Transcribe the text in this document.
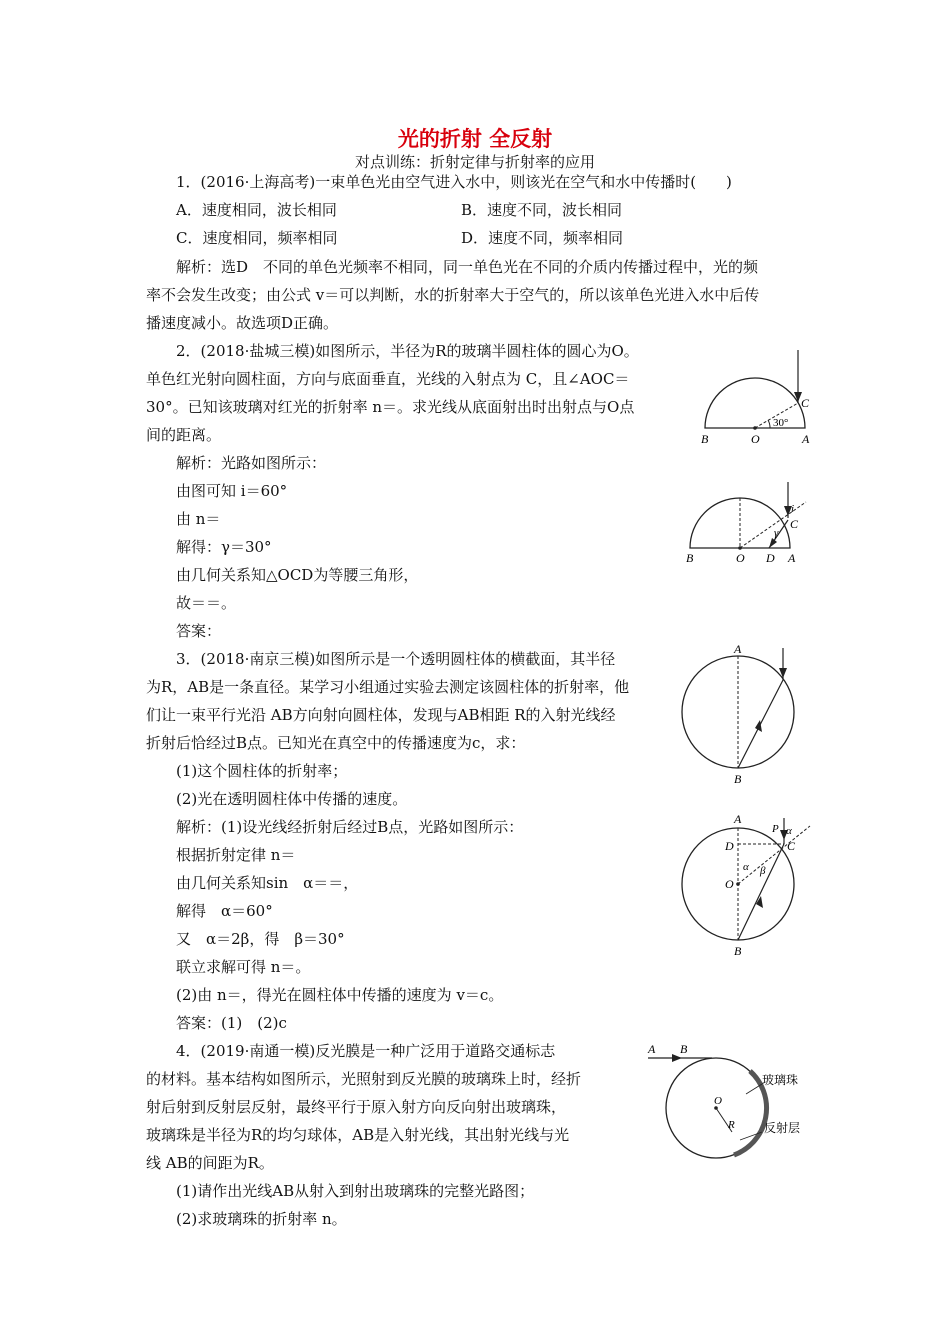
光的折射 全反射
对点训练：折射定律与折射率的应用
1．(2016·上海高考)一束单色光由空气进入水中，则该光在空气和水中传播时(　　)
A．速度相同，波长相同	B．速度不同，波长相同
C．速度相同，频率相同	D．速度不同，频率相同
解析：选D　不同的单色光频率不相同，同一单色光在不同的介质内传播过程中，光的频
率不会发生改变；由公式 v＝可以判断，水的折射率大于空气的，所以该单色光进入水中后传
播速度减小。故选项D正确。
2．(2018·盐城三模)如图所示，半径为R的玻璃半圆柱体的圆心为O。
单色红光射向圆柱面，方向与底面垂直，光线的入射点为 C，且∠AOC＝
30°。已知该玻璃对红光的折射率 n＝。求光线从底面射出时出射点与O点
间的距离。
解析：光路如图所示：
由图可知 i＝60°
由 n＝
解得：γ＝30°
由几何关系知△OCD为等腰三角形，
故＝＝。
答案：
3．(2018·南京三模)如图所示是一个透明圆柱体的横截面，其半径
为R，AB是一条直径。某学习小组通过实验去测定该圆柱体的折射率，他
们让一束平行光沿 AB方向射向圆柱体，发现与AB相距 R的入射光线经
折射后恰经过B点。已知光在真空中的传播速度为c，求：
(1)这个圆柱体的折射率；
(2)光在透明圆柱体中传播的速度。
解析：(1)设光线经折射后经过B点，光路如图所示：
根据折射定律 n＝
由几何关系知sin　α＝＝，
解得　α＝60°
又　α＝2β，得　β＝30°
联立求解可得 n＝。
(2)由 n＝，得光在圆柱体中传播的速度为 v＝c。
答案：(1)　(2)c
4．(2019·南通一模)反光膜是一种广泛用于道路交通标志
的材料。基本结构如图所示，光照射到反光膜的玻璃珠上时，经折
射后射到反射层反射，最终平行于原入射方向反向射出玻璃珠，
玻璃珠是半径为R的均匀球体，AB是入射光线，其出射光线与光
线 AB的间距为R。
(1)请作出光线AB从射入到射出玻璃珠的完整光路图；
(2)求玻璃珠的折射率 n。
B	O	A
C
30°
B	O D A
C
i
γ
A
B
A
B
P
C
D
O
α
α β
A B
O
R
玻璃珠
反射层
